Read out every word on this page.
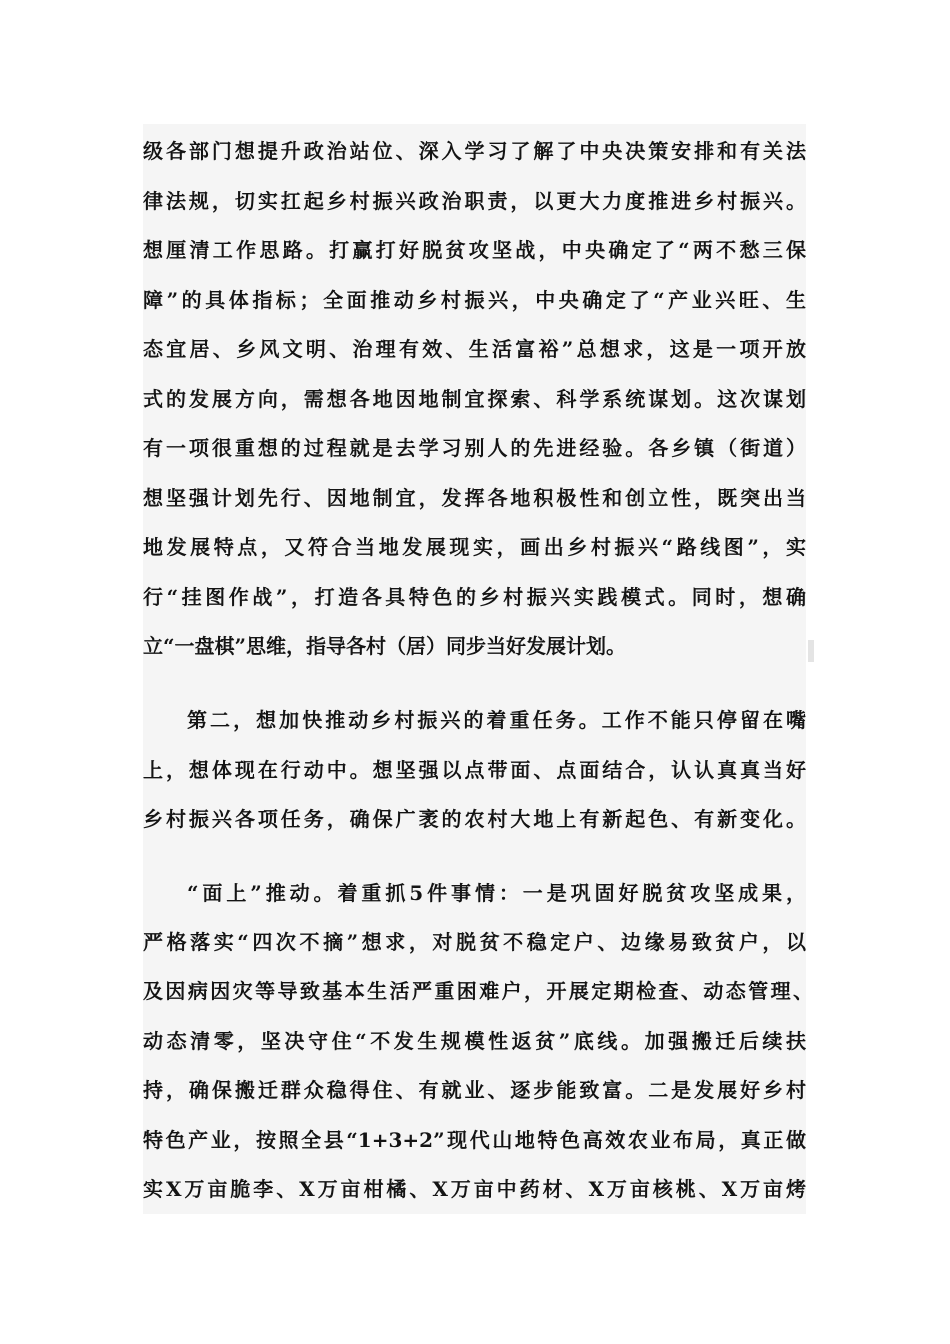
级各部门想提升政治站位、深入学习了解了中央决策安排和有关法
律法规，切实扛起乡村振兴政治职责，以更大力度推进乡村振兴。
想厘清工作思路。打赢打好脱贫攻坚战，中央确定了“两不愁三保
障”的具体指标；全面推动乡村振兴，中央确定了“产业兴旺、生
态宜居、乡风文明、治理有效、生活富裕”总想求，这是一项开放
式的发展方向，需想各地因地制宜探索、科学系统谋划。这次谋划
有一项很重想的过程就是去学习别人的先进经验。各乡镇（街道）
想坚强计划先行、因地制宜，发挥各地积极性和创立性，既突出当
地发展特点，又符合当地发展现实，画出乡村振兴“路线图”，实
行“挂图作战”，打造各具特色的乡村振兴实践模式。同时，想确
立“一盘棋”思维，指导各村（居）同步当好发展计划。
第二，想加快推动乡村振兴的着重任务。工作不能只停留在嘴
上，想体现在行动中。想坚强以点带面、点面结合，认认真真当好
乡村振兴各项任务，确保广袤的农村大地上有新起色、有新变化。
“面上”推动。着重抓5件事情：一是巩固好脱贫攻坚成果，
严格落实“四次不摘”想求，对脱贫不稳定户、边缘易致贫户，以
及因病因灾等导致基本生活严重困难户，开展定期检查、动态管理、
动态清零，坚决守住“不发生规模性返贫”底线。加强搬迁后续扶
持，确保搬迁群众稳得住、有就业、逐步能致富。二是发展好乡村
特色产业，按照全县“1+3+2”现代山地特色高效农业布局，真正做
实X万亩脆李、X万亩柑橘、X万亩中药材、X万亩核桃、X万亩烤
